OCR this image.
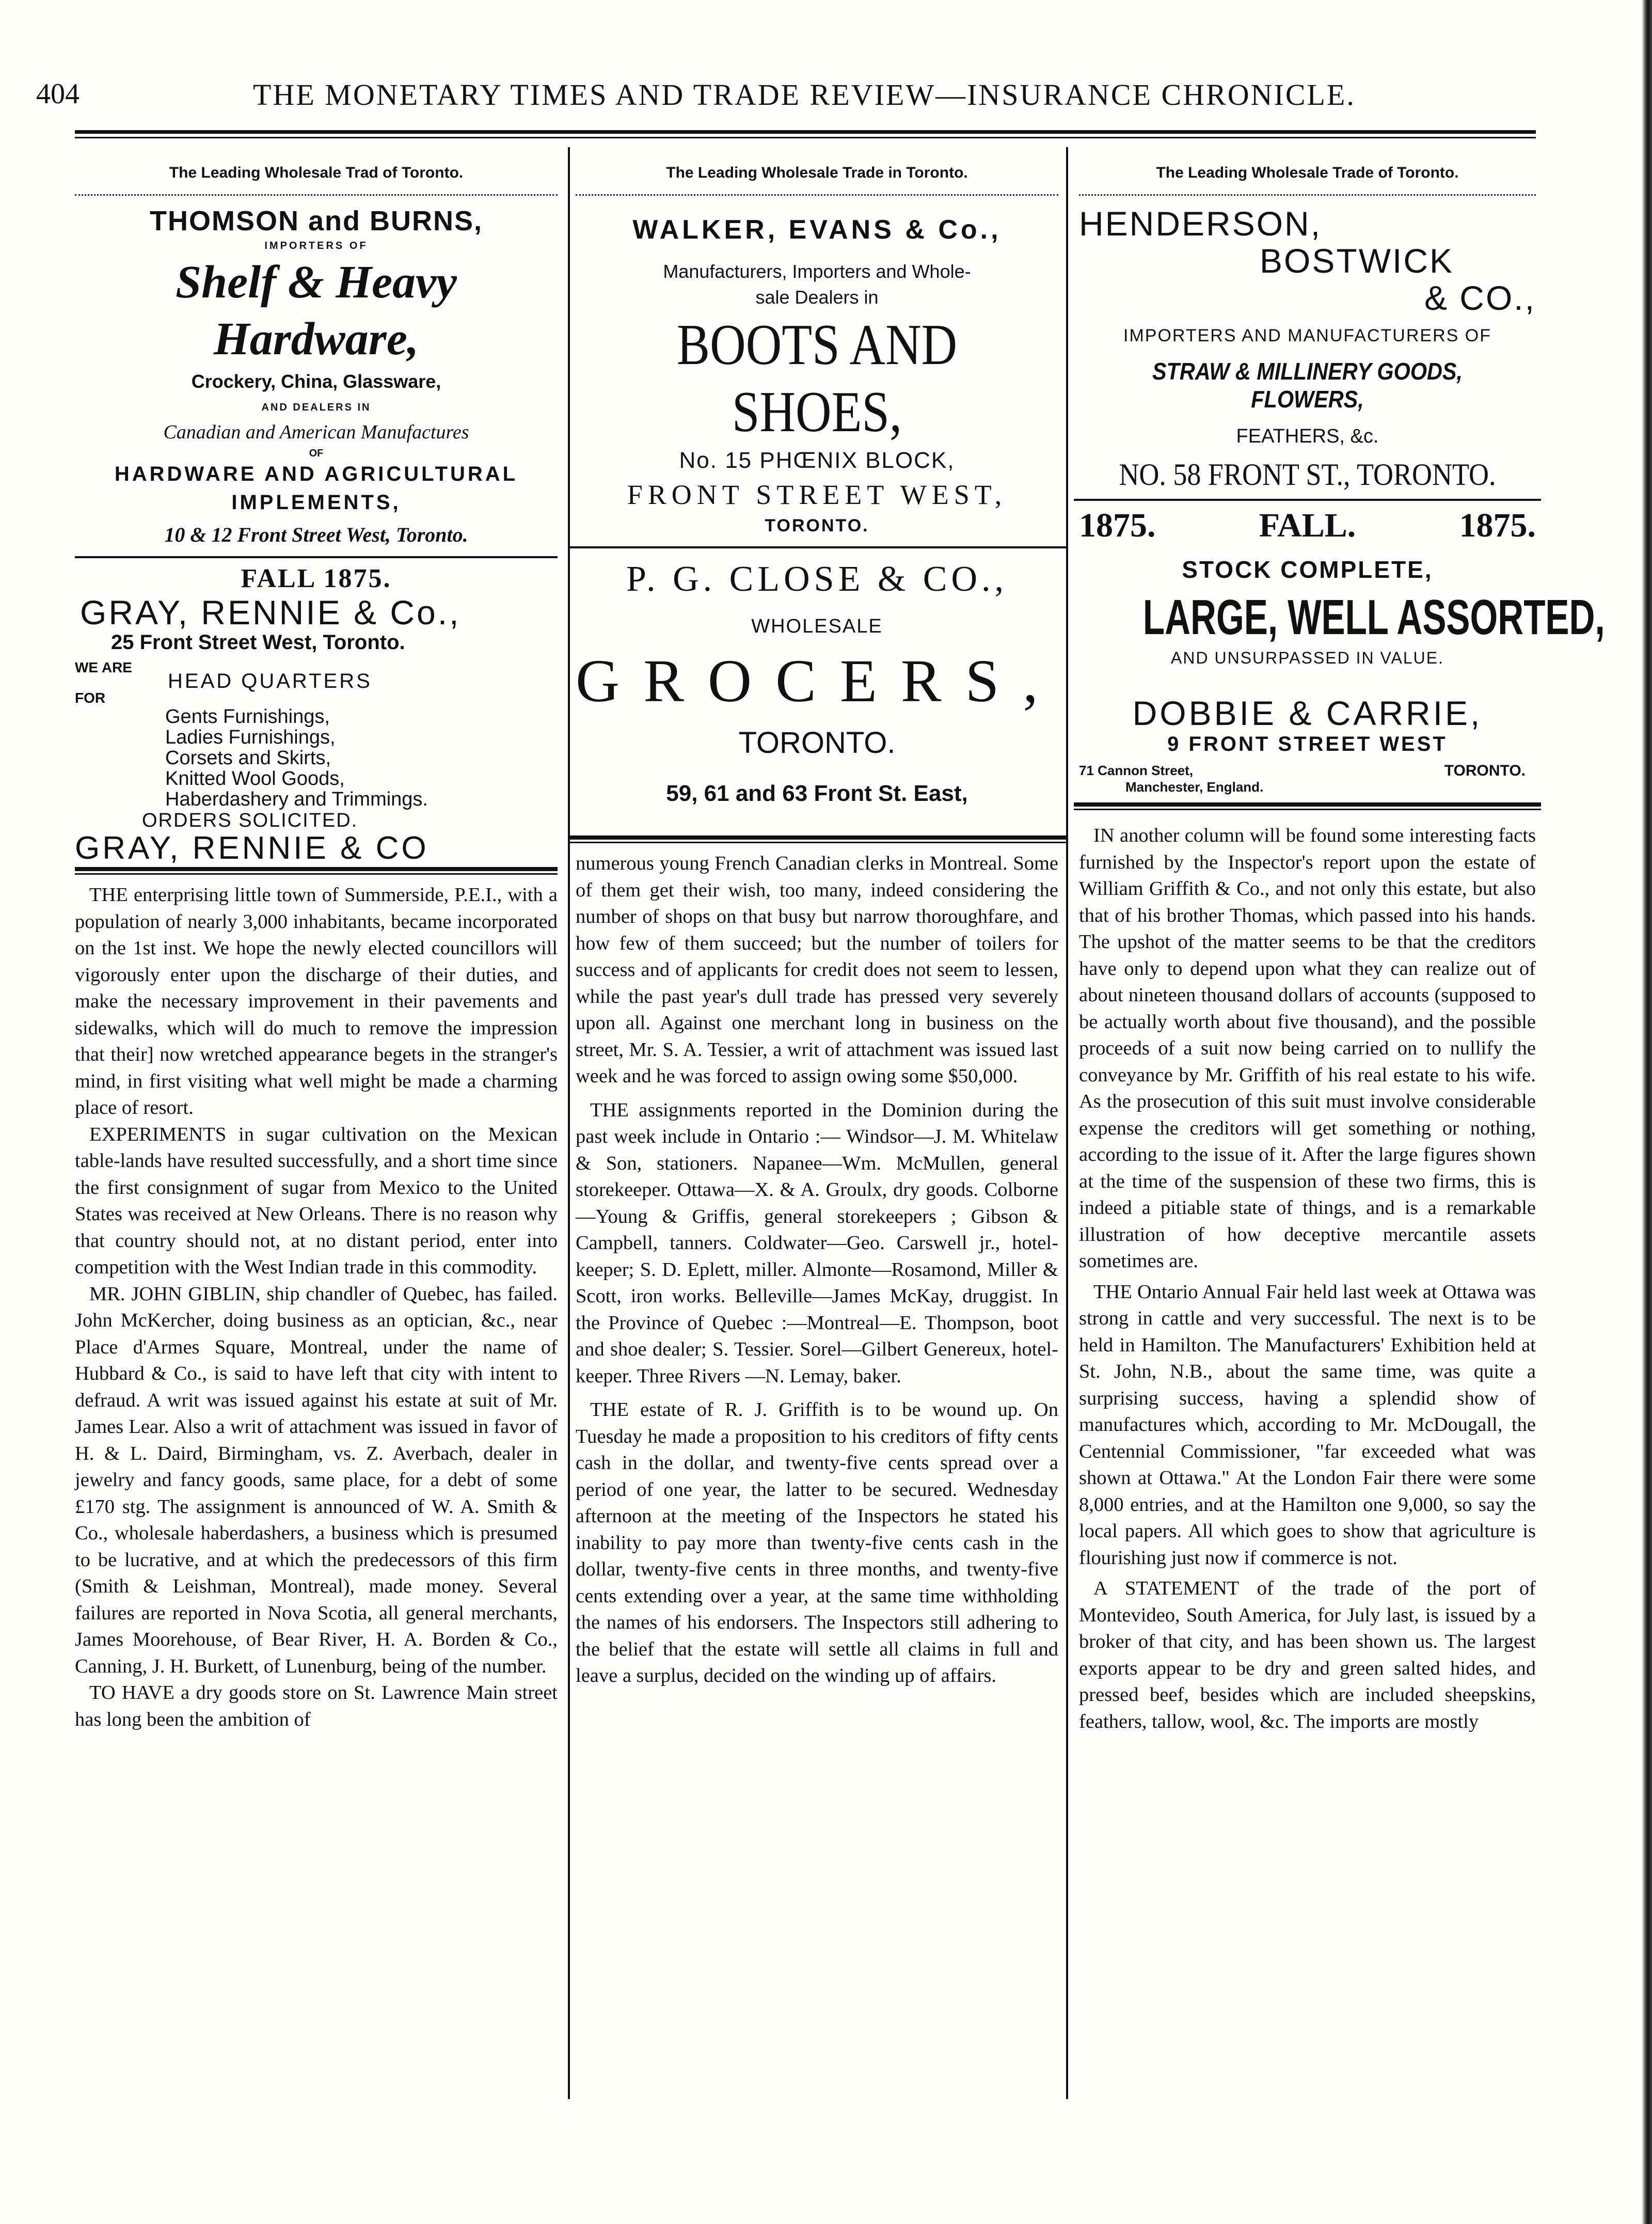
404	THE MONETARY TIMES AND TRADE REVIEW—INSURANCE CHRONICLE.
The Leading Wholesale Trad of Toronto.
THOMSON and BURNS,
IMPORTERS OF
Shelf & Heavy Hardware,
Crockery, China, Glassware,
AND DEALERS IN
Canadian and American Manufactures
OF
HARDWARE AND AGRICULTURAL
IMPLEMENTS,
10 & 12 Front Street West, Toronto.
FALL 1875.
GRAY, RENNIE & Co.,
25 Front Street West, Toronto.
WE ARE
HEAD QUARTERS
FOR
Gents Furnishings,
Ladies Furnishings,
Corsets and Skirts,
Knitted Wool Goods,
Haberdashery and Trimmings.
ORDERS SOLICITED.
GRAY, RENNIE & CO

THE enterprising little town of Summerside, P.E.I., with a population of nearly 3,000 inhabitants, became incorporated on the 1st inst. We hope the newly elected councillors will vigorously enter upon the discharge of their duties, and make the necessary improvement in their pavements and sidewalks, which will do much to remove the impression that their] now wretched appearance begets in the stranger's mind, in first visiting what well might be made a charming place of resort.

EXPERIMENTS in sugar cultivation on the Mexican table-lands have resulted successfully, and a short time since the first consignment of sugar from Mexico to the United States was received at New Orleans. There is no reason why that country should not, at no distant period, enter into competition with the West Indian trade in this commodity.

MR. JOHN GIBLIN, ship chandler of Quebec, has failed. John McKercher, doing business as an optician, &c., near Place d'Armes Square, Montreal, under the name of Hubbard & Co., is said to have left that city with intent to defraud. A writ was issued against his estate at suit of Mr. James Lear. Also a writ of attachment was issued in favor of H. & L. Daird, Birmingham, vs. Z. Averbach, dealer in jewelry and fancy goods, same place, for a debt of some £170 stg. The assignment is announced of W. A. Smith & Co., wholesale haberdashers, a business which is presumed to be lucrative, and at which the predecessors of this firm (Smith & Leishman, Montreal), made money. Several failures are reported in Nova Scotia, all general merchants, James Moorehouse, of Bear River, H. A. Borden & Co., Canning, J. H. Burkett, of Lunenburg, being of the number.

TO HAVE a dry goods store on St. Lawrence Main street has long been the ambition of

The Leading Wholesale Trade in Toronto.
WALKER, EVANS & Co.,
Manufacturers, Importers and Whole-
sale Dealers in
BOOTS AND SHOES,
No. 15 PHŒNIX BLOCK,
FRONT STREET WEST,
TORONTO.
P. G. CLOSE & CO.,
WHOLESALE
GROCERS,
TORONTO.
59, 61 and 63 Front St. East,

numerous young French Canadian clerks in Montreal. Some of them get their wish, too many, indeed considering the number of shops on that busy but narrow thoroughfare, and how few of them succeed; but the number of toilers for success and of applicants for credit does not seem to lessen, while the past year's dull trade has pressed very severely upon all. Against one merchant long in business on the street, Mr. S. A. Tessier, a writ of attachment was issued last week and he was forced to assign owing some $50,000.

THE assignments reported in the Dominion during the past week include in Ontario :— Windsor—J. M. Whitelaw & Son, stationers. Napanee—Wm. McMullen, general storekeeper. Ottawa—X. & A. Groulx, dry goods. Colborne —Young & Griffis, general storekeepers ; Gibson & Campbell, tanners. Coldwater—Geo. Carswell jr., hotel-keeper; S. D. Eplett, miller. Almonte—Rosamond, Miller & Scott, iron works. Belleville—James McKay, druggist. In the Province of Quebec :—Montreal—E. Thompson, boot and shoe dealer; S. Tessier. Sorel—Gilbert Genereux, hotel-keeper. Three Rivers —N. Lemay, baker.

THE estate of R. J. Griffith is to be wound up. On Tuesday he made a proposition to his creditors of fifty cents cash in the dollar, and twenty-five cents spread over a period of one year, the latter to be secured. Wednesday afternoon at the meeting of the Inspectors he stated his inability to pay more than twenty-five cents cash in the dollar, twenty-five cents in three months, and twenty-five cents extending over a year, at the same time withholding the names of his endorsers. The Inspectors still adhering to the belief that the estate will settle all claims in full and leave a surplus, decided on the winding up of affairs.

The Leading Wholesale Trade of Toronto.
HENDERSON,
BOSTWICK
& CO.,
IMPORTERS AND MANUFACTURERS OF
STRAW & MILLINERY GOODS, FLOWERS,
FEATHERS, &c.
NO. 58 FRONT ST., TORONTO.
1875.	FALL.	1875.
STOCK COMPLETE,
LARGE, WELL ASSORTED,
AND UNSURPASSED IN VALUE.
DOBBIE & CARRIE,
9 FRONT STREET WEST
71 Cannon Street,
Manchester, England.
TORONTO.

IN another column will be found some interesting facts furnished by the Inspector's report upon the estate of William Griffith & Co., and not only this estate, but also that of his brother Thomas, which passed into his hands. The upshot of the matter seems to be that the creditors have only to depend upon what they can realize out of about nineteen thousand dollars of accounts (supposed to be actually worth about five thousand), and the possible proceeds of a suit now being carried on to nullify the conveyance by Mr. Griffith of his real estate to his wife. As the prosecution of this suit must involve considerable expense the creditors will get something or nothing, according to the issue of it. After the large figures shown at the time of the suspension of these two firms, this is indeed a pitiable state of things, and is a remarkable illustration of how deceptive mercantile assets sometimes are.

THE Ontario Annual Fair held last week at Ottawa was strong in cattle and very successful. The next is to be held in Hamilton. The Manufacturers' Exhibition held at St. John, N.B., about the same time, was quite a surprising success, having a splendid show of manufactures which, according to Mr. McDougall, the Centennial Commissioner, "far exceeded what was shown at Ottawa." At the London Fair there were some 8,000 entries, and at the Hamilton one 9,000, so say the local papers. All which goes to show that agriculture is flourishing just now if commerce is not.

A STATEMENT of the trade of the port of Montevideo, South America, for July last, is issued by a broker of that city, and has been shown us. The largest exports appear to be dry and green salted hides, and pressed beef, besides which are included sheepskins, feathers, tallow, wool, &c. The imports are mostly
